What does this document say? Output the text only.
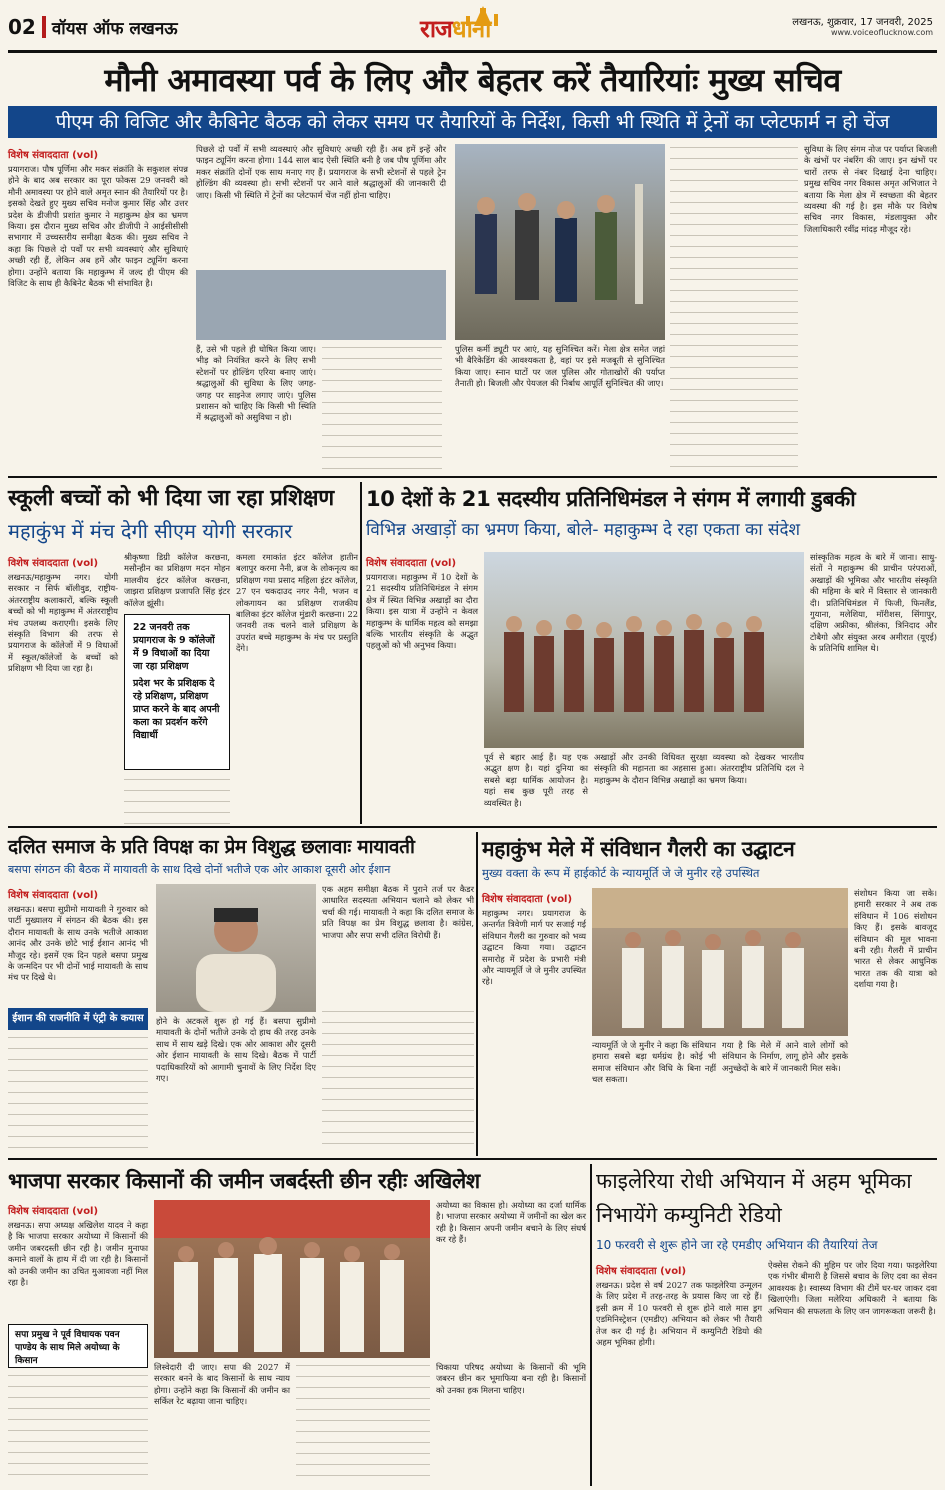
02 वॉयस ऑफ लखनऊ	राजधानी	लखनऊ, शुक्रवार, 17 जनवरी, 2025
www.voiceoflucknow.com
मौनी अमावस्या पर्व के लिए और बेहतर करें तैयारियांः मुख्य सचिव
पीएम की विजिट और कैबिनेट बैठक को लेकर समय पर तैयारियों के निर्देश, किसी भी स्थिति में ट्रेनों का प्लेटफार्म न हो चेंज
विशेष संवाददाता (vol)
प्रयागराज। पौष पूर्णिमा और मकर संक्रांति के सकुशल संपन्न होने के बाद अब सरकार का पूरा फोकस 29 जनवरी को मौनी अमावस्या पर होने वाले अमृत स्नान की तैयारियों पर है। इसको देखते हुए मुख्य सचिव मनोज कुमार सिंह और उत्तर प्रदेश के डीजीपी प्रशांत कुमार ने महाकुम्भ क्षेत्र का भ्रमण किया। इस दौरान मुख्य सचिव और डीजीपी ने आईसीसीसी सभागार में उच्चस्तरीय समीक्षा बैठक की। मुख्य सचिव ने कहा कि पिछले दो पर्वों पर सभी व्यवस्थाएं और सुविधाएं अच्छी रही हैं, लेकिन अब हमें और फाइन ट्यूनिंग करना होगा। उन्होंने बताया कि महाकुम्भ में जल्द ही पीएम की विजिट के साथ ही कैबिनेट बैठक भी संभावित है।
पिछले दो पर्वों में सभी व्यवस्थाएं और सुविधाएं अच्छी रही हैं। अब हमें इन्हें और फाइन ट्यूनिंग करना होगा। 144 साल बाद ऐसी स्थिति बनी है जब पौष पूर्णिमा और मकर संक्रांति दोनों एक साथ मनाए गए हैं। प्रयागराज के सभी स्टेशनों से पहले ट्रेन होल्डिंग की व्यवस्था हो। सभी स्टेशनों पर आने वाले श्रद्धालुओं की जानकारी दी जाए। किसी भी स्थिति में ट्रेनों का प्लेटफार्म चेंज नहीं होना चाहिए।
हैं, उसे भी पहले ही घोषित किया जाए। भीड़ को नियंत्रित करने के लिए सभी स्टेशनों पर होल्डिंग एरिया बनाए जाएं। श्रद्धालुओं की सुविधा के लिए जगह-जगह पर साइनेज लगाए जाएं। पुलिस प्रशासन को चाहिए कि किसी भी स्थिति में श्रद्धालुओं को असुविधा न हो।
पुलिस कर्मी ड्यूटी पर आएं, यह सुनिश्चित करें। मेला क्षेत्र समेत जहां भी बैरिकेडिंग की आवश्यकता है, वहां पर इसे मजबूती से सुनिश्चित किया जाए। स्नान घाटों पर जल पुलिस और गोताखोरों की पर्याप्त तैनाती हो। बिजली और पेयजल की निर्बाध आपूर्ति सुनिश्चित की जाए।
सुविधा के लिए संगम नोज पर पर्याप्त बिजली के खंभों पर नंबरिंग की जाए। इन खंभों पर चारों तरफ से नंबर दिखाई देना चाहिए। प्रमुख सचिव नगर विकास अमृत अभिजात ने बताया कि मेला क्षेत्र में स्वच्छता की बेहतर व्यवस्था की गई है। इस मौके पर विशेष सचिव नगर विकास, मंडलायुक्त और जिलाधिकारी रवींद्र मांदड़ मौजूद रहे।
स्कूली बच्चों को भी दिया जा रहा प्रशिक्षण
महाकुंभ में मंच देगी सीएम योगी सरकार
विशेष संवाददाता (vol)
लखनऊ/महाकुम्भ नगर। योगी सरकार न सिर्फ बॉलीवुड, राष्ट्रीय-अंतरराष्ट्रीय कलाकारों, बल्कि स्कूली बच्चों को भी महाकुम्भ में अंतरराष्ट्रीय मंच उपलब्ध कराएगी। इसके लिए संस्कृति विभाग की तरफ से प्रयागराज के कॉलेजों में 9 विधाओं में स्कूल/कॉलेजों के बच्चों को प्रशिक्षण भी दिया जा रहा है।
श्रीकृष्णा डिग्री कॉलेज करछना, मसौन्हीन का प्रशिक्षण मदन मोहन मालवीय इंटर कॉलेज करछना, जाझरा प्रशिक्षण प्रजापति सिंह इंटर कॉलेज झूंसी।
22 जनवरी तक प्रयागराज के 9 कॉलेजों में 9 विधाओं का दिया जा रहा प्रशिक्षण
प्रदेश भर के प्रशिक्षक दे रहे प्रशिक्षण, प्रशिक्षण प्राप्त करने के बाद अपनी कला का प्रदर्शन करेंगे विद्यार्थी
कमला रमाकांत इंटर कॉलेज हातीन बलापुर करमा नैनी, ब्रज के लोकनृत्य का प्रशिक्षण गया प्रसाद महिला इंटर कॉलेज, 27 एन चकदाउद नगर नैनी, भजन व लोकगायन का प्रशिक्षण राजकीय बालिका इंटर कॉलेज मुंडारी करछना। 22 जनवरी तक चलने वाले प्रशिक्षण के उपरांत बच्चे महाकुम्भ के मंच पर प्रस्तुति देंगे।
10 देशों के 21 सदस्यीय प्रतिनिधिमंडल ने संगम में लगायी डुबकी
विभिन्न अखाड़ों का भ्रमण किया, बोले- महाकुम्भ दे रहा एकता का संदेश
विशेष संवाददाता (vol)
प्रयागराज। महाकुम्भ में 10 देशों के 21 सदस्यीय प्रतिनिधिमंडल ने संगम क्षेत्र में स्थित विभिन्न अखाड़ों का दौरा किया। इस यात्रा में उन्होंने न केवल महाकुम्भ के धार्मिक महत्व को समझा बल्कि भारतीय संस्कृति के अद्भुत पहलुओं को भी अनुभव किया।
पूर्व से बहार आई हैं। यह एक अद्भुत क्षण है। यहां दुनिया का सबसे बड़ा धार्मिक आयोजन है। यहां सब कुछ पूरी तरह से व्यवस्थित है।
अखाड़ों और उनकी विधिवत सुरक्षा व्यवस्था को देखकर भारतीय संस्कृति की महानता का अहसास हुआ। अंतरराष्ट्रीय प्रतिनिधि दल ने महाकुम्भ के दौरान विभिन्न अखाड़ों का भ्रमण किया।
सांस्कृतिक महत्व के बारे में जाना। साधु-संतों ने महाकुम्भ की प्राचीन परंपराओं, अखाड़ों की भूमिका और भारतीय संस्कृति की महिमा के बारे में विस्तार से जानकारी दी। प्रतिनिधिमंडल में फिजी, फिनलैंड, गुयाना, मलेशिया, मॉरीशस, सिंगापुर, दक्षिण अफ्रीका, श्रीलंका, त्रिनिदाद और टोबैगो और संयुक्त अरब अमीरात (यूएई) के प्रतिनिधि शामिल थे।
दलित समाज के प्रति विपक्ष का प्रेम विशुद्ध छलावाः मायावती
बसपा संगठन की बैठक में मायावती के साथ दिखे दोनों भतीजे एक ओर आकाश दूसरी ओर ईशान
विशेष संवाददाता (vol)
लखनऊ। बसपा सुप्रीमो मायावती ने गुरुवार को पार्टी मुख्यालय में संगठन की बैठक की। इस दौरान मायावती के साथ उनके भतीजे आकाश आनंद और उनके छोटे भाई ईशान आनंद भी मौजूद रहे। इसमें एक दिन पहले बसपा प्रमुख के जन्मदिन पर भी दोनों भाई मायावती के साथ मंच पर दिखे थे।
एक अहम समीक्षा बैठक में पुराने तर्ज पर कैडर आधारित सदस्यता अभियान चलाने को लेकर भी चर्चा की गई। मायावती ने कहा कि दलित समाज के प्रति विपक्ष का प्रेम विशुद्ध छलावा है। कांग्रेस, भाजपा और सपा सभी दलित विरोधी हैं।
ईशान की राजनीति में एंट्री के कयास	होने के अटकलें शुरू हो गई हैं। बसपा सुप्रीमो मायावती के दोनों भतीजे उनके दो हाथ की तरह उनके साथ में साथ खड़े दिखे। एक ओर आकाश और दूसरी ओर ईशान मायावती के साथ दिखे। बैठक में पार्टी पदाधिकारियों को आगामी चुनावों के लिए निर्देश दिए गए।
महाकुंभ मेले में संविधान गैलरी का उद्घाटन
मुख्य वक्ता के रूप में हाईकोर्ट के न्यायमूर्ति जे जे मुनीर रहे उपस्थित
विशेष संवाददाता (vol)
महाकुम्भ नगर। प्रयागराज के अन्तर्गत त्रिवेणी मार्ग पर सजाई गई संविधान गैलरी का गुरुवार को भव्य उद्घाटन किया गया। उद्घाटन समारोह में प्रदेश के प्रभारी मंत्री और न्यायमूर्ति जे जे मुनीर उपस्थित रहे।
न्यायमूर्ति जे जे मुनीर ने कहा कि संविधान हमारा सबसे बड़ा धर्मग्रंथ है। कोई भी समाज संविधान और विधि के बिना नहीं चल सकता।
गया है कि मेले में आने वाले लोगों को संविधान के निर्माण, लागू होने और इसके अनुच्छेदों के बारे में जानकारी मिल सके।
संशोधन किया जा सके। हमारी सरकार ने अब तक संविधान में 106 संशोधन किए हैं। इसके बावजूद संविधान की मूल भावना बनी रही। गैलरी में प्राचीन भारत से लेकर आधुनिक भारत तक की यात्रा को दर्शाया गया है।
भाजपा सरकार किसानों की जमीन जबर्दस्ती छीन रहीः अखिलेश
विशेष संवाददाता (vol)
लखनऊ। सपा अध्यक्ष अखिलेश यादव ने कहा है कि भाजपा सरकार अयोध्या में किसानों की जमीन जबरदस्ती छीन रही है। जमीन मुनाफा कमाने वालों के हाथ में दी जा रही है। किसानों को उनकी जमीन का उचित मुआवजा नहीं मिल रहा है।
सपा प्रमुख ने पूर्व विधायक पवन पाण्डेय के साथ मिले अयोध्या के किसान
अयोध्या का विकास हो। अयोध्या का दर्जा धार्मिक है। भाजपा सरकार अयोध्या में जमीनों का खेल कर रही है। किसान अपनी जमीन बचाने के लिए संघर्ष कर रहे हैं।
लिस्वेदारी दी जाए। सपा की 2027 में सरकार बनने के बाद किसानों के साथ न्याय होगा। उन्होंने कहा कि किसानों की जमीन का सर्किल रेट बढ़ाया जाना चाहिए।
चिकाया परिषद अयोध्या के किसानों की भूमि जबरन छीन कर भूमाफिया बना रही है। किसानों को उनका हक मिलना चाहिए।
फाइलेरिया रोधी अभियान में अहम भूमिका निभायेंगे कम्युनिटी रेडियो
10 फरवरी से शुरू होने जा रहे एमडीए अभियान की तैयारियां तेज
विशेष संवाददाता (vol)
लखनऊ। प्रदेश से वर्ष 2027 तक फाइलेरिया उन्मूलन के लिए प्रदेश में तरह-तरह के प्रयास किए जा रहे हैं। इसी क्रम में 10 फरवरी से शुरू होने वाले मास ड्रग एडमिनिस्ट्रेशन (एमडीए) अभियान को लेकर भी तैयारी तेज कर दी गई है। अभियान में कम्युनिटी रेडियो की अहम भूमिका होगी।
ऐक्सेस रोकने की मुहिम पर जोर दिया गया। फाइलेरिया एक गंभीर बीमारी है जिससे बचाव के लिए दवा का सेवन आवश्यक है। स्वास्थ्य विभाग की टीमें घर-घर जाकर दवा खिलाएंगी। जिला मलेरिया अधिकारी ने बताया कि अभियान की सफलता के लिए जन जागरूकता जरूरी है।
